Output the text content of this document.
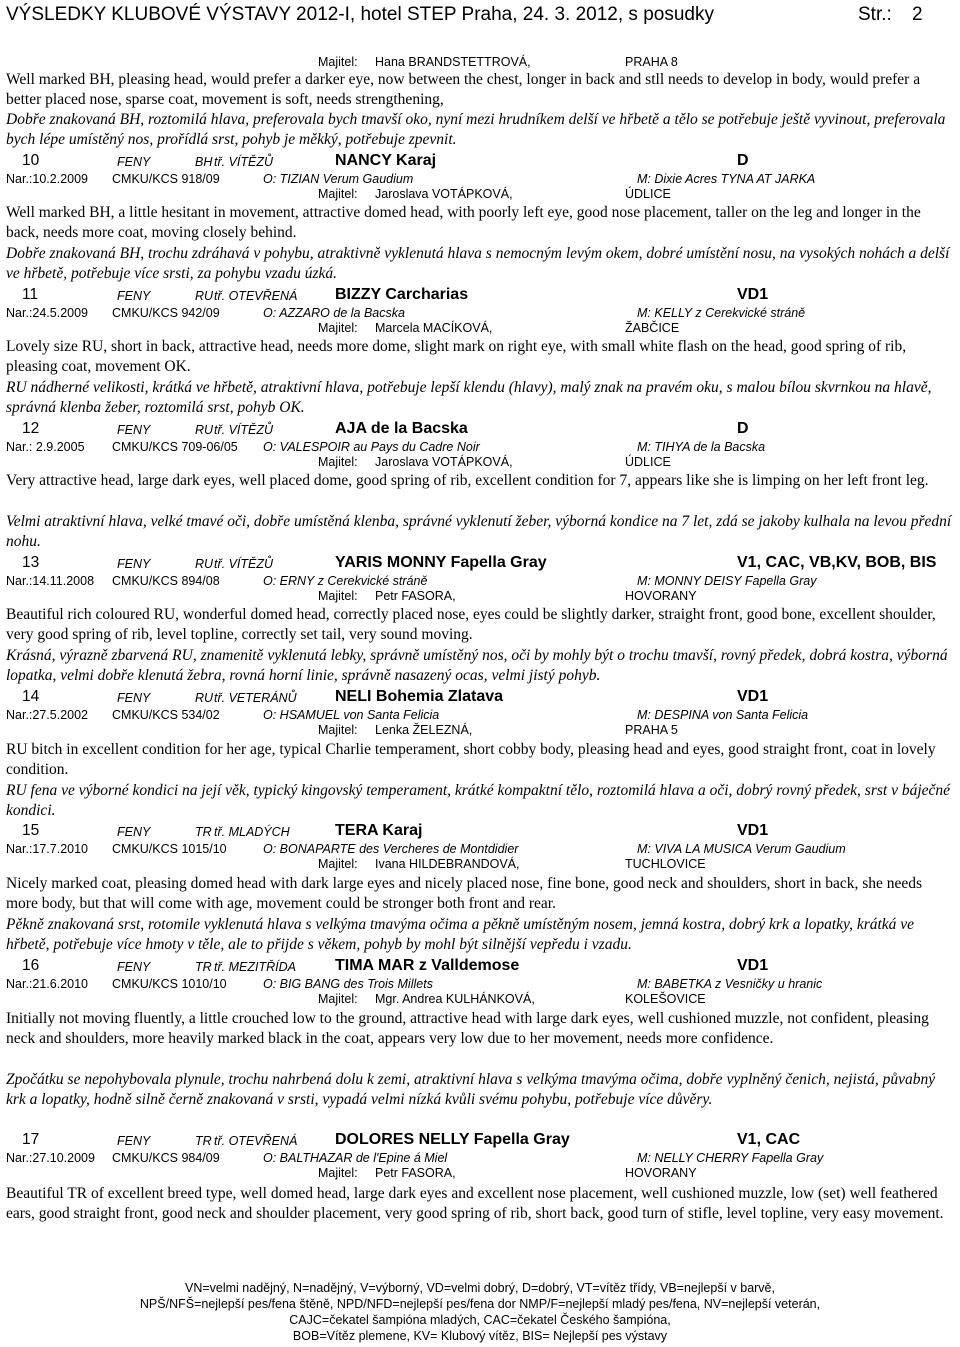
VÝSLEDKY KLUBOVÉ VÝSTAVY 2012-I, hotel STEP Praha, 24. 3. 2012, s posudky	Str.: 2
Majitel: Hana BRANDSTETTROVÁ,	PRAHA 8

Well marked BH, pleasing head, would prefer a darker eye, now between the chest, longer in back and stll needs to develop in body, would prefer a better placed nose, sparse coat, movement is soft, needs strengthening,

Dobře znakovaná BH, roztomilá hlava, preferovala bych tmavší oko, nyní mezi hrudníkem delší ve hřbetě a tělo se potřebuje ještě vyvinout, preferovala bych lépe umístěný nos, prořídlá srst, pohyb je měkký, potřebuje zpevnit.

10	FENY	BH tř. VÍTĚZŮ	NANCY Karaj	D
Nar.:10.2.2009 CMKU/KCS 918/09	O: TIZIAN Verum Gaudium	M: Dixie Acres TYNA AT JARKA
Majitel: Jaroslava VOTÁPKOVÁ,	ÚDLICE

Well marked BH, a little hesitant in movement, attractive domed head, with poorly left eye, good nose placement, taller on the leg and longer in the back, needs more coat, moving closely behind.

Dobře znakovaná BH, trochu zdráhavá v pohybu, atraktivně vyklenutá hlava s nemocným levým okem, dobré umístění nosu, na vysokých nohách a delší ve hřbetě, potřebuje více srsti, za pohybu vzadu úzká.

11	FENY	RU tř. OTEVŘENÁ BIZZY Carcharias	VD1
Nar.:24.5.2009 CMKU/KCS 942/09	O: AZZARO de la Bacska	M: KELLY z Cerekvické stráně
Majitel: Marcela MACÍKOVÁ,	ŽABČICE

Lovely size RU, short in back, attractive head, needs more dome, slight mark on right eye, with small white flash on the head, good spring of rib, pleasing coat, movement OK.

RU nádherné velikosti, krátká ve hřbetě, atraktivní hlava, potřebuje lepší klendu (hlavy), malý znak na pravém oku, s malou bílou skvrnkou na hlavě, správná klenba žeber, roztomilá srst, pohyb OK.

12	FENY	RU tř. VÍTĚZŮ	AJA de la Bacska	D
Nar.: 2.9.2005 CMKU/KCS 709-06/05 O: VALESPOIR au Pays du Cadre Noir	M: TIHYA de la Bacska
Majitel: Jaroslava VOTÁPKOVÁ,	ÚDLICE

Very attractive head, large dark eyes, well placed dome, good spring of rib, excellent condition for 7, appears like she is limping on her left front leg.

Velmi atraktivní hlava, velké tmavé oči, dobře umístěná klenba, správné vyklenutí žeber, výborná kondice na 7 let, zdá se jakoby kulhala na levou přední nohu.

13	FENY	RU tř. VÍTĚZŮ	YARIS MONNY Fapella Gray	V1, CAC, VB,KV, BOB, BIS
Nar.:14.11.2008 CMKU/KCS 894/08	O: ERNY z Cerekvické stráně	M: MONNY DEISY Fapella Gray
Majitel: Petr FASORA,	HOVORANY

Beautiful rich coloured RU, wonderful domed head, correctly placed nose, eyes could be slightly darker, straight front, good bone, excellent shoulder, very good spring of rib, level topline, correctly set tail, very sound moving.

Krásná, výrazně zbarvená RU, znamenitě vyklenutá lebky, správně umístěný nos, oči by mohly být o trochu tmavší, rovný předek, dobrá kostra, výborná lopatka, velmi dobře klenutá žebra, rovná horní linie, správně nasazený ocas, velmi jistý pohyb.

14	FENY	RU tř. VETERÁNŮ NELI Bohemia Zlatava	VD1
Nar.:27.5.2002 CMKU/KCS 534/02	O: HSAMUEL von Santa Felicia	M: DESPINA von Santa Felicia
Majitel: Lenka ŽELEZNÁ,	PRAHA 5

RU bitch in excellent condition for her age, typical Charlie temperament, short cobby body, pleasing head and eyes, good straight front, coat in lovely condition.

RU fena ve výborné kondici na její věk, typický kingovský temperament, krátké kompaktní tělo, roztomilá hlava a oči, dobrý rovný předek, srst v báječné kondici.

15	FENY	TR tř. MLADÝCH	TERA Karaj	VD1
Nar.:17.7.2010 CMKU/KCS 1015/10	O: BONAPARTE des Vercheres de Montdidier	M: VIVA LA MUSICA Verum Gaudium
Majitel: Ivana HILDEBRANDOVÁ,	TUCHLOVICE

Nicely marked coat, pleasing domed head with dark large eyes and nicely placed nose, fine bone, good neck and shoulders, short in back, she needs more body, but that will come with age, movement could be stronger both front and rear.

Pěkně znakovaná srst, rotomile vyklenutá hlava s velkýma tmavýma očima a pěkně umístěným nosem, jemná kostra, dobrý krk a lopatky, krátká ve hřbetě, potřebuje více hmoty v těle, ale to přijde s věkem, pohyb by mohl být silnější vepředu i vzadu.

16	FENY	TR tř. MEZITŘÍDA TIMA MAR z Valldemose	VD1
Nar.:21.6.2010 CMKU/KCS 1010/10	O: BIG BANG des Trois Millets	M: BABETKA z Vesničky u hranic
Majitel: Mgr. Andrea KULHÁNKOVÁ,	KOLEŠOVICE

Initially not moving fluently, a little crouched low to the ground, attractive head with large dark eyes, well cushioned muzzle, not confident, pleasing neck and shoulders, more heavily marked black in the coat, appears very low due to her movement, needs more confidence.

Zpočátku se nepohybovala plynule, trochu nahrbená dolu k zemi, atraktivní hlava s velkýma tmavýma očima, dobře vyplněný čenich, nejistá, půvabný krk a lopatky, hodně silně černě znakovaná v srsti, vypadá velmi nízká kvůli svému pohybu, potřebuje více důvěry.

17	FENY	TR tř. OTEVŘENÁ DOLORES NELLY Fapella Gray	V1, CAC
Nar.:27.10.2009 CMKU/KCS 984/09	O: BALTHAZAR de l'Epine á Miel	M: NELLY CHERRY Fapella Gray
Majitel: Petr FASORA,	HOVORANY

Beautiful TR of excellent breed type, well domed head, large dark eyes and excellent nose placement, well cushioned muzzle, low (set) well feathered ears, good straight front, good neck and shoulder placement, very good spring of rib, short back, good turn of stifle, level topline, very easy movement.

VN=velmi nadějný, N=nadějný, V=výborný, VD=velmi dobrý, D=dobrý, VT=vítěz třídy, VB=nejlepší v barvě,
NPŠ/NFŠ=nejlepší pes/fena štěně, NPD/NFD=nejlepší pes/fena dor NMP/F=nejlepší mladý pes/fena, NV=nejlepší veterán,
CAJC=čekatel šampióna mladých, CAC=čekatel Českého šampióna,
BOB=Vítěz plemene, KV= Klubový vítěz, BIS= Nejlepší pes výstavy
